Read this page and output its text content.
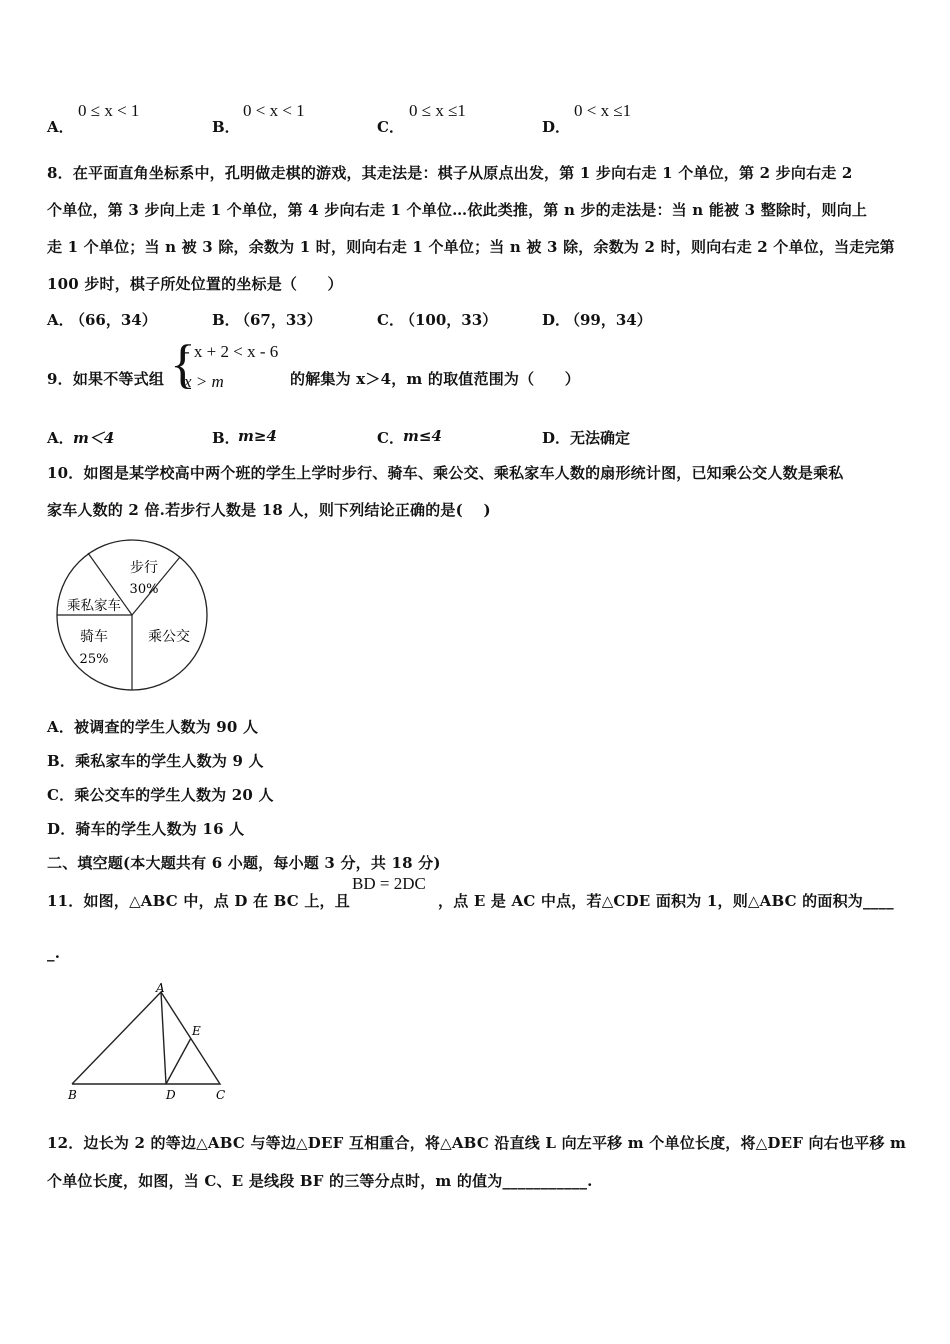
A．
0 ≤ x < 1
B．
0 < x < 1
C．
0 ≤ x ≤1
D．
0 < x ≤1
8．在平面直角坐标系中，孔明做走棋的游戏，其走法是：棋子从原点出发，第 1 步向右走 1 个单位，第 2 步向右走 2
个单位，第 3 步向上走 1 个单位，第 4 步向右走 1 个单位…依此类推，第 n 步的走法是：当 n 能被 3 整除时，则向上
走 1 个单位；当 n 被 3 除，余数为 1 时，则向右走 1 个单位；当 n 被 3 除，余数为 2 时，则向右走 2 个单位，当走完第
100 步时，棋子所处位置的坐标是（　　）
A．
（66，34）	B．
（67，33）	C．
（100，33）	D．
（99，34）
9．如果不等式组 {
- x + 2 < x - 6
x > m	的解集为 x＞4，m 的取值范围为（　　）
A． m＜4	B．
m≥4	C． m≤4	D．无法确定
10．如图是某学校高中两个班的学生上学时步行、骑车、乘公交、乘私家车人数的扇形统计图，已知乘公交人数是乘私
家车人数的 2 倍.若步行人数是 18 人，则下列结论正确的是(　 )
步行
30%
乘私家车
骑车
25%
乘公交
A．被调查的学生人数为 90 人
B．乘私家车的学生人数为 9 人
C．乘公交车的学生人数为 20 人
D．骑车的学生人数为 16 人
二、填空题(本大题共有 6 小题，每小题 3 分，共 18 分)
11．如图，△ABC 中，点 D 在 BC 上，且
BD = 2DC
，点 E 是 AC 中点，若△CDE 面积为 1，则△ABC 的面积为____
_.
A
B	C
D
E
12．边长为 2 的等边△ABC 与等边△DEF 互相重合，将△ABC 沿直线 L 向左平移 m 个单位长度，将△DEF 向右也平移 m
个单位长度，如图，当 C、E 是线段 BF 的三等分点时，m 的值为___________.
